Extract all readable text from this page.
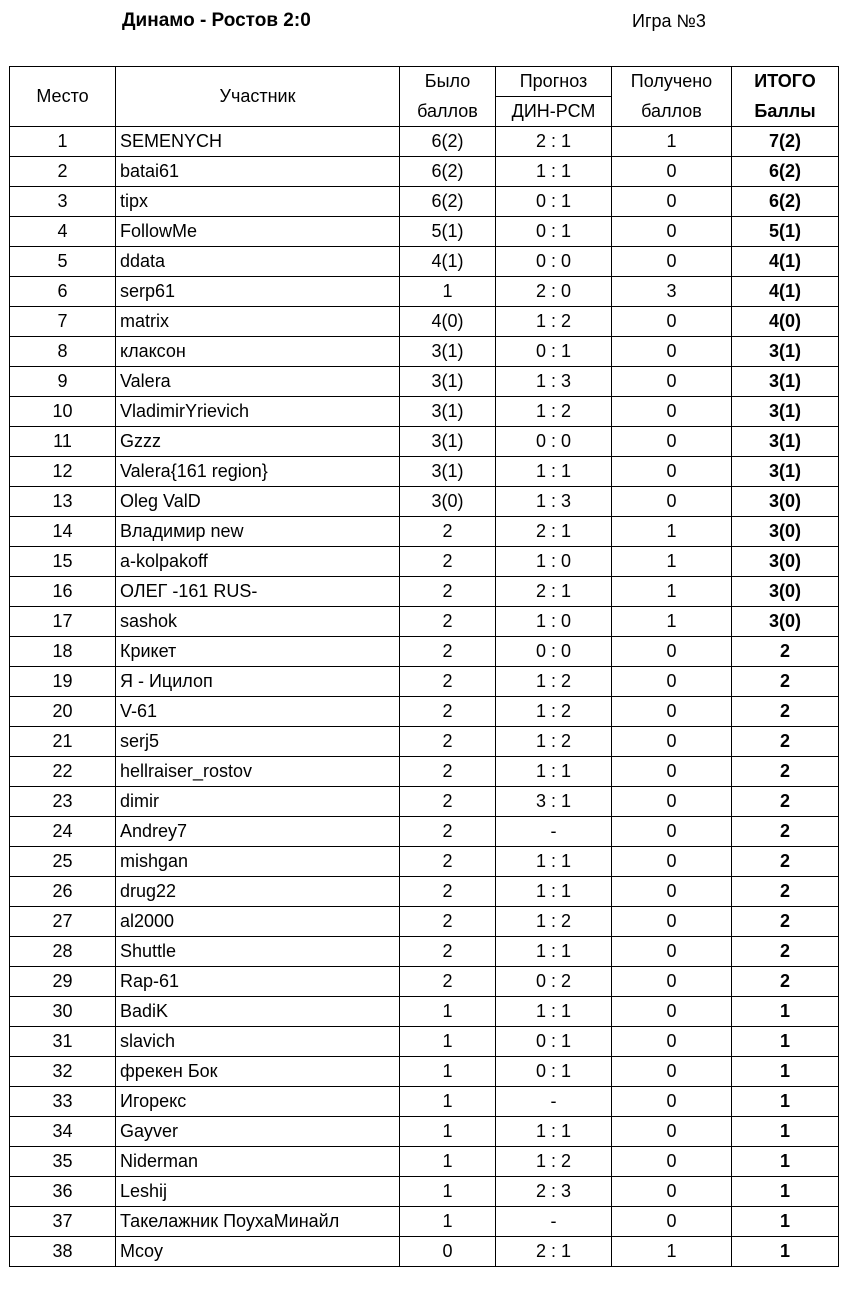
Динамо - Ростов 2:0	Игра №3
Место	Участник	Было	Прогноз	Получено	ИТОГО
		баллов	ДИН-РСМ	баллов	Баллы
1	SEMENYCH	6(2)	2 : 1	1	7(2)
2	batai61	6(2)	1 : 1	0	6(2)
3	tipx	6(2)	0 : 1	0	6(2)
4	FollowMe	5(1)	0 : 1	0	5(1)
5	ddata	4(1)	0 : 0	0	4(1)
6	serp61	1	2 : 0	3	4(1)
7	matrix	4(0)	1 : 2	0	4(0)
8	клаксон	3(1)	0 : 1	0	3(1)
9	Valera	3(1)	1 : 3	0	3(1)
10	VladimirYrievich	3(1)	1 : 2	0	3(1)
11	Gzzz	3(1)	0 : 0	0	3(1)
12	Valera{161 region}	3(1)	1 : 1	0	3(1)
13	Oleg ValD	3(0)	1 : 3	0	3(0)
14	Владимир new	2	2 : 1	1	3(0)
15	a-kolpakoff	2	1 : 0	1	3(0)
16	ОЛЕГ -161 RUS-	2	2 : 1	1	3(0)
17	sashok	2	1 : 0	1	3(0)
18	Крикет	2	0 : 0	0	2
19	Я - Ицилоп	2	1 : 2	0	2
20	V-61	2	1 : 2	0	2
21	serj5	2	1 : 2	0	2
22	hellraiser_rostov	2	1 : 1	0	2
23	dimir	2	3 : 1	0	2
24	Andrey7	2	-	0	2
25	mishgan	2	1 : 1	0	2
26	drug22	2	1 : 1	0	2
27	al2000	2	1 : 2	0	2
28	Shuttle	2	1 : 1	0	2
29	Rap-61	2	0 : 2	0	2
30	BadiK	1	1 : 1	0	1
31	slavich	1	0 : 1	0	1
32	фрекен Бок	1	0 : 1	0	1
33	Игорекс	1	-	0	1
34	Gayver	1	1 : 1	0	1
35	Niderman	1	1 : 2	0	1
36	Leshij	1	2 : 3	0	1
37	Такелажник ПоухаМинайл	1	-	0	1
38	Mcoy	0	2 : 1	1	1
